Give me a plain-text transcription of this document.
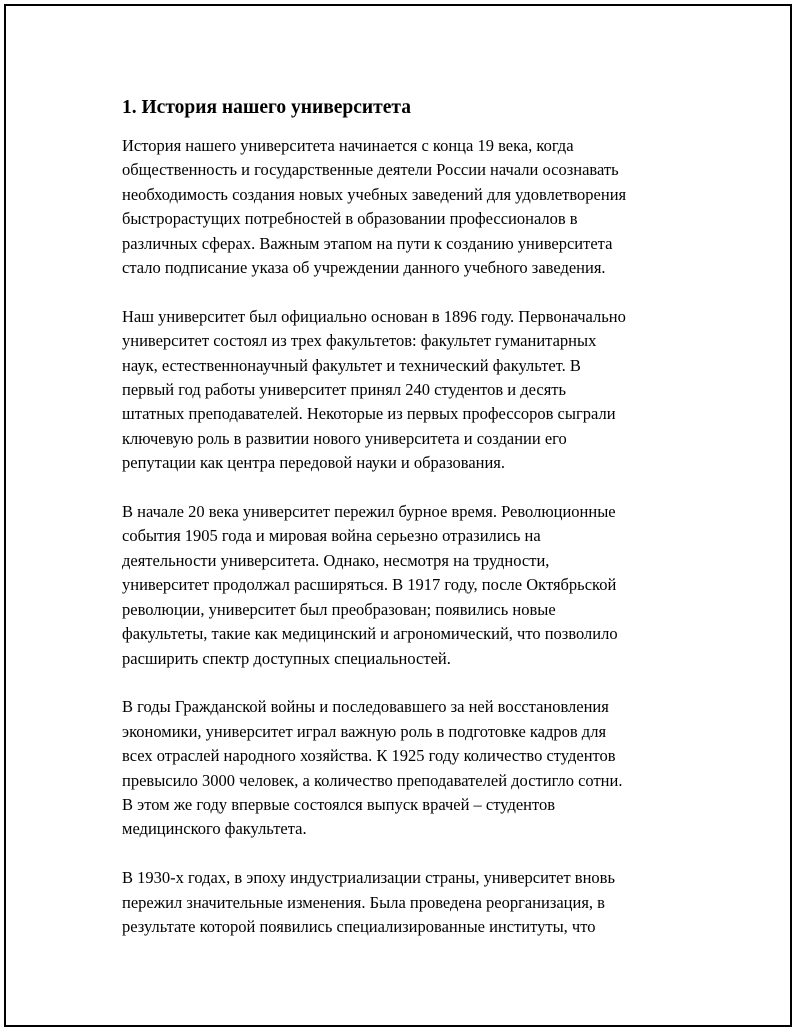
1. История нашего университета

История нашего университета начинается с конца 19 века, когда
общественность и государственные деятели России начали осознавать
необходимость создания новых учебных заведений для удовлетворения
быстрорастущих потребностей в образовании профессионалов в
различных сферах. Важным этапом на пути к созданию университета
стало подписание указа об учреждении данного учебного заведения.

Наш университет был официально основан в 1896 году. Первоначально
университет состоял из трех факультетов: факультет гуманитарных
наук, естественнонаучный факультет и технический факультет. В
первый год работы университет принял 240 студентов и десять
штатных преподавателей. Некоторые из первых профессоров сыграли
ключевую роль в развитии нового университета и создании его
репутации как центра передовой науки и образования.

В начале 20 века университет пережил бурное время. Революционные
события 1905 года и мировая война серьезно отразились на
деятельности университета. Однако, несмотря на трудности,
университет продолжал расширяться. В 1917 году, после Октябрьской
революции, университет был преобразован; появились новые
факультеты, такие как медицинский и агрономический, что позволило
расширить спектр доступных специальностей.

В годы Гражданской войны и последовавшего за ней восстановления
экономики, университет играл важную роль в подготовке кадров для
всех отраслей народного хозяйства. К 1925 году количество студентов
превысило 3000 человек, а количество преподавателей достигло сотни.
В этом же году впервые состоялся выпуск врачей – студентов
медицинского факультета.

В 1930-х годах, в эпоху индустриализации страны, университет вновь
пережил значительные изменения. Была проведена реорганизация, в
результате которой появились специализированные институты, что
